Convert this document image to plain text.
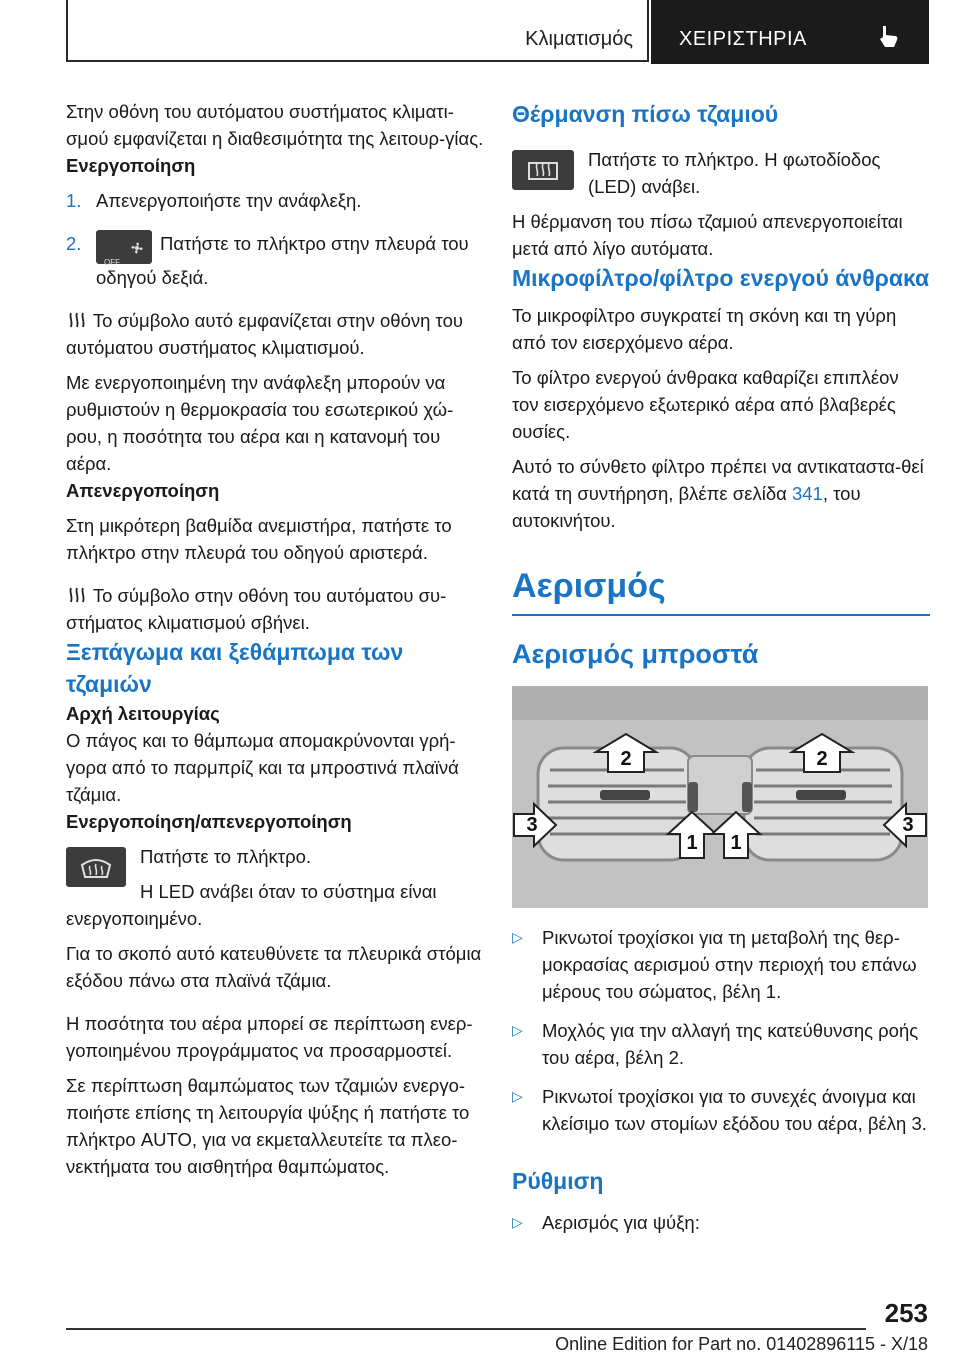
Κλιματισμός ΧΕΙΡΙΣΤΗΡΙΑ

Στην οθόνη του αυτόματου συστήματος κλιματι-σμού εμφανίζεται η διαθεσιμότητα της λειτουρ-γίας.

Ενεργοποίηση

1. Απενεργοποιήστε την ανάφλεξη.
2.
OFF
Πατήστε το πλήκτρο στην πλευρά του οδηγού δεξιά.

Το σύμβολο αυτό εμφανίζεται στην οθόνη του αυτόματου συστήματος κλιματισμού.

Με ενεργοποιημένη την ανάφλεξη μπορούν να ρυθμιστούν η θερμοκρασία του εσωτερικού χώ-ρου, η ποσότητα του αέρα και η κατανομή του αέρα.

Απενεργοποίηση

Στη μικρότερη βαθμίδα ανεμιστήρα, πατήστε το πλήκτρο στην πλευρά του οδηγού αριστερά.

Το σύμβολο στην οθόνη του αυτόματου συ-στήματος κλιματισμού σβήνει.

Ξεπάγωμα και ξεθάμπωμα των τζαμιών

Αρχή λειτουργίας

Ο πάγος και το θάμπωμα απομακρύνονται γρή-γορα από το παρμπρίζ και τα μπροστινά πλαϊνά τζάμια.

Ενεργοποίηση/απενεργοποίηση

Πατήστε το πλήκτρο.

Η LED ανάβει όταν το σύστημα είναι ενεργοποιημένο.

Για το σκοπό αυτό κατευθύνετε τα πλευρικά στόμια εξόδου πάνω στα πλαϊνά τζάμια.

Η ποσότητα του αέρα μπορεί σε περίπτωση ενερ-γοποιημένου προγράμματος να προσαρμοστεί.

Σε περίπτωση θαμπώματος των τζαμιών ενεργο-ποιήστε επίσης τη λειτουργία ψύξης ή πατήστε το πλήκτρο AUTO, για να εκμεταλλευτείτε τα πλεο-νεκτήματα του αισθητήρα θαμπώματος.

Θέρμανση πίσω τζαμιού

Πατήστε το πλήκτρο. Η φωτοδίοδος (LED) ανάβει.

Η θέρμανση του πίσω τζαμιού απενεργοποιείται μετά από λίγο αυτόματα.

Μικροφίλτρο/φίλτρο ενεργού άνθρακα

Το μικροφίλτρο συγκρατεί τη σκόνη και τη γύρη από τον εισερχόμενο αέρα.

Το φίλτρο ενεργού άνθρακα καθαρίζει επιπλέον τον εισερχόμενο εξωτερικό αέρα από βλαβερές ουσίες.

Αυτό το σύνθετο φίλτρο πρέπει να αντικαταστα-θεί κατά τη συντήρηση, βλέπε σελίδα 341, του αυτοκινήτου.

Αερισμός

Αερισμός μπροστά

2	2
3
1	1
3
▷ Ρικνωτοί τροχίσκοι για τη μεταβολή της θερ-μοκρασίας αερισμού στην περιοχή του επάνω μέρους του σώματος, βέλη 1.
▷ Μοχλός για την αλλαγή της κατεύθυνσης ροής του αέρα, βέλη 2.
▷ Ρικνωτοί τροχίσκοι για το συνεχές άνοιγμα και κλείσιμο των στομίων εξόδου του αέρα, βέλη 3.

Ρύθμιση

▷ Αερισμός για ψύξη:
253
Online Edition for Part no. 01402896115 - X/18
